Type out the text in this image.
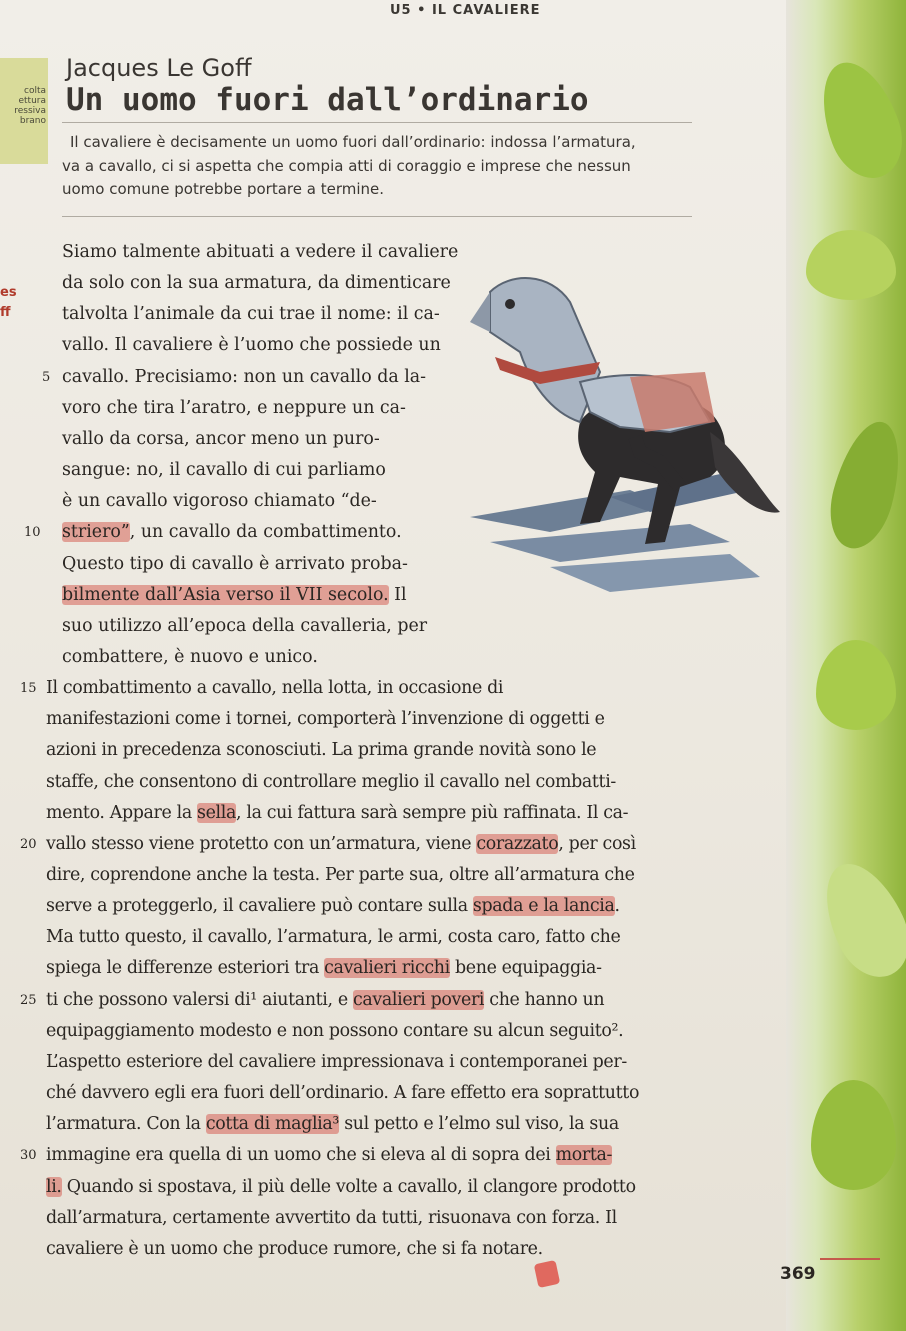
U5 • IL CAVALIERE
colta
ettura
ressiva
brano
Jacques Le Goff
Un uomo fuori dall’ordinario
Il cavaliere è decisamente un uomo fuori dall’ordinario: indossa l’armatura,
va a cavallo, ci si aspetta che compia atti di coraggio e imprese che nessun
uomo comune potrebbe portare a termine.
es
ff
Siamo talmente abituati a vedere il cavaliere
da solo con la sua armatura, da dimenticare
talvolta l’animale da cui trae il nome: il ca-
vallo. Il cavaliere è l’uomo che possiede un
cavallo. Precisiamo: non un cavallo da la-
5
voro che tira l’aratro, e neppure un ca-
vallo da corsa, ancor meno un puro-
sangue: no, il cavallo di cui parliamo
è un cavallo vigoroso chiamato “de-
striero”, un cavallo da combattimento.
10
Questo tipo di cavallo è arrivato proba-
bilmente dall’Asia verso il VII secolo. Il
suo utilizzo all’epoca della cavalleria, per
combattere, è nuovo e unico.
Il combattimento a cavallo, nella lotta, in occasione di
15
manifestazioni come i tornei, comporterà l’invenzione di oggetti e
azioni in precedenza sconosciuti. La prima grande novità sono le
staffe, che consentono di controllare meglio il cavallo nel combatti-
mento. Appare la sella, la cui fattura sarà sempre più raffinata. Il ca-
vallo stesso viene protetto con un’armatura, viene corazzato, per così
20
dire, coprendone anche la testa. Per parte sua, oltre all’armatura che
serve a proteggerlo, il cavaliere può contare sulla spada e la lancia.
Ma tutto questo, il cavallo, l’armatura, le armi, costa caro, fatto che
spiega le differenze esteriori tra cavalieri ricchi bene equipaggia-
ti che possono valersi di¹ aiutanti, e cavalieri poveri che hanno un
25
equipaggiamento modesto e non possono contare su alcun seguito².
L’aspetto esteriore del cavaliere impressionava i contemporanei per-
ché davvero egli era fuori dell’ordinario. A fare effetto era soprattutto
l’armatura. Con la cotta di maglia³ sul petto e l’elmo sul viso, la sua
immagine era quella di un uomo che si eleva al di sopra dei morta-
30
li. Quando si spostava, il più delle volte a cavallo, il clangore prodotto
dall’armatura, certamente avvertito da tutti, risuonava con forza. Il
cavaliere è un uomo che produce rumore, che si fa notare.
369
